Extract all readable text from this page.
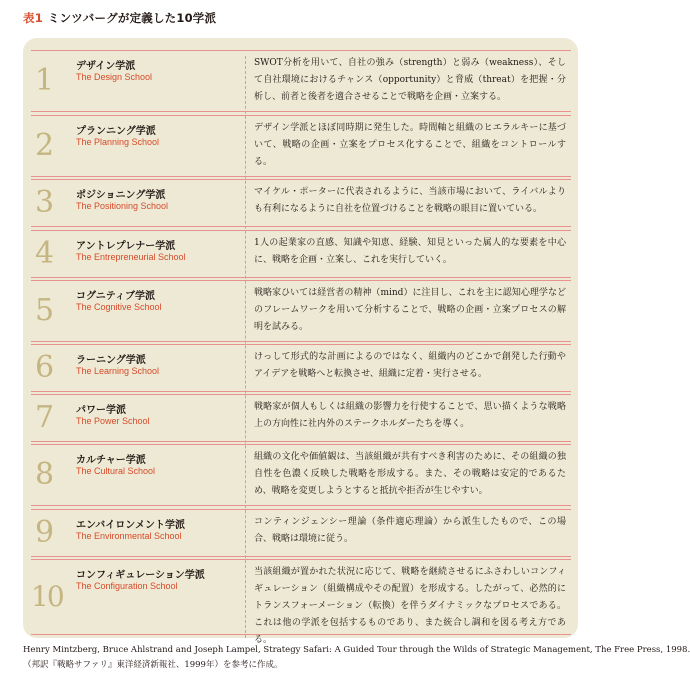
表1 ミンツバーグが定義した10学派
1 デザイン学派
The Design School
SWOT分析を用いて、自社の強み（strength）と弱み（weakness）、そして自社環境におけるチャンス（opportunity）と脅威（threat）を把握・分析し、前者と後者を適合させることで戦略を企画・立案する。
2 プランニング学派
The Planning School
デザイン学派とほぼ同時期に発生した。時間軸と組織のヒエラルキーに基づいて、戦略の企画・立案をプロセス化することで、組織をコントロールする。
3 ポジショニング学派
The Positioning School
マイケル・ポーターに代表されるように、当該市場において、ライバルよりも有利になるように自社を位置づけることを戦略の眼目に置いている。
4 アントレプレナー学派
The Entrepreneurial School
1人の起業家の直感、知識や知恵、経験、知見といった属人的な要素を中心に、戦略を企画・立案し、これを実行していく。
5 コグニティブ学派
The Cognitive School
戦略家ひいては経営者の精神（mind）に注目し、これを主に認知心理学などのフレームワークを用いて分析することで、戦略の企画・立案プロセスの解明を試みる。
6 ラーニング学派
The Learning School
けっして形式的な計画によるのではなく、組織内のどこかで創発した行動やアイデアを戦略へと転換させ、組織に定着・実行させる。
7 パワー学派
The Power School
戦略家が個人もしくは組織の影響力を行使することで、思い描くような戦略上の方向性に社内外のステークホルダーたちを導く。
8 カルチャー学派
The Cultural School
組織の文化や価値観は、当該組織が共有すべき利害のために、その組織の独自性を色濃く反映した戦略を形成する。また、その戦略は安定的であるため、戦略を変更しようとすると抵抗や拒否が生じやすい。
9 エンバイロンメント学派
The Environmental School
コンティンジェンシー理論（条件適応理論）から派生したもので、この場合、戦略は環境に従う。
10
コンフィギュレーション学派
The Configuration School
当該組織が置かれた状況に応じて、戦略を継続させるにふさわしいコンフィギュレーション（組織構成やその配置）を形成する。したがって、必然的にトランスフォーメーション（転換）を伴うダイナミックなプロセスである。これは他の学派を包括するものであり、また統合し調和を図る考え方である。
Henry Mintzberg, Bruce Ahlstrand and Joseph Lampel, Strategy Safari: A Guided Tour through the Wilds of Strategic Management, The Free Press, 1998.
（邦訳『戦略サファリ』東洋経済新報社、1999年）を参考に作成。
